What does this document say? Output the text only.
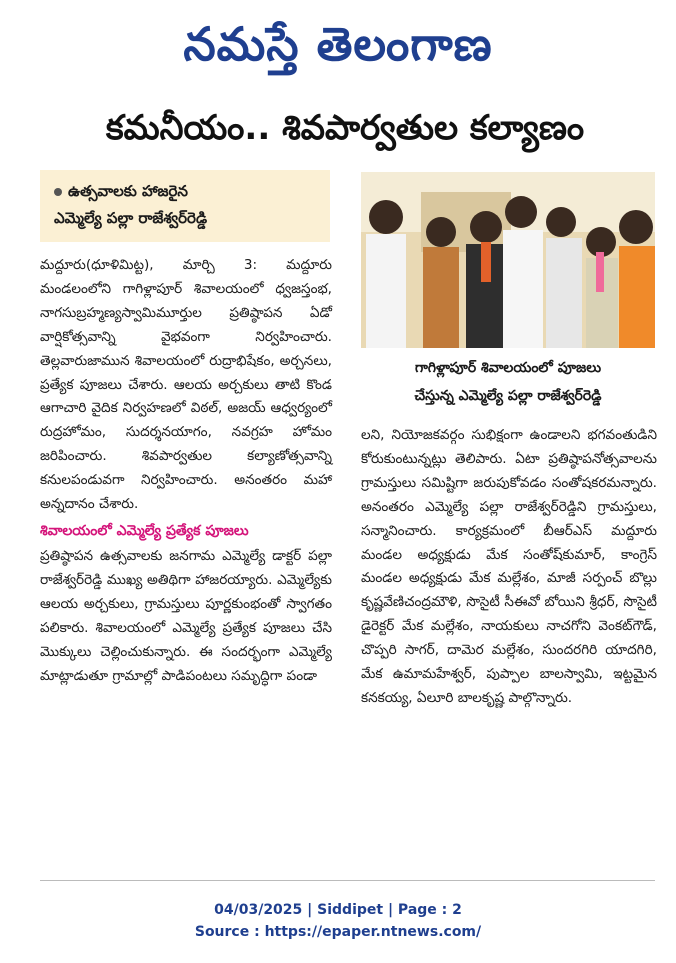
నమస్తే తెలంగాణ
కమనీయం.. శివపార్వతుల కల్యాణం
ఉత్సవాలకు హాజరైన
ఎమ్మెల్యే పల్లా రాజేశ్వర్‌రెడ్డి

మద్దూరు(ధూళిమిట్ట), మార్చి 3: మద్దూరు మండలంలోని గాగిళ్లాపూర్ శివాలయంలో ధ్వజస్తంభ, నాగసుబ్రహ్మణ్యస్వామిమూర్తుల ప్రతిష్ఠాపన ఏడో వార్షికోత్సవాన్ని వైభవంగా నిర్వహించారు. తెల్లవారుజామున శివాలయంలో రుద్రాభిషేకం, అర్చనలు, ప్రత్యేక పూజలు చేశారు. ఆలయ అర్చకులు తాటి కొండ ఆగాచారి వైదిక నిర్వహణలో విఠల్, అజయ్ ఆధ్వర్యంలో రుద్రహోమం, సుదర్శనయాగం, నవగ్రహ హోమం జరిపించారు. శివపార్వతుల కల్యాణోత్సవాన్ని కనులపండువగా నిర్వహించారు. అనంతరం మహా అన్నదానం చేశారు.

శివాలయంలో ఎమ్మెల్యే ప్రత్యేక పూజలు

ప్రతిష్ఠాపన ఉత్సవాలకు జనగామ ఎమ్మెల్యే డాక్టర్ పల్లా రాజేశ్వర్‌రెడ్డి ముఖ్య అతిథిగా హాజరయ్యారు. ఎమ్మెల్యేకు ఆలయ అర్చకులు, గ్రామస్తులు పూర్ణకుంభంతో స్వాగతం పలికారు. శివాలయంలో ఎమ్మెల్యే ప్రత్యేక పూజలు చేసి మొక్కులు చెల్లించుకున్నారు. ఈ సందర్భంగా ఎమ్మెల్యే మాట్లాడుతూ గ్రామాల్లో పాడిపంటలు సమృద్ధిగా పండా

గాగిళ్లాపూర్ శివాలయంలో పూజలు
చేస్తున్న ఎమ్మెల్యే పల్లా రాజేశ్వర్‌రెడ్డి

లని, నియోజకవర్గం సుభిక్షంగా ఉండాలని భగవంతుడిని కోరుకుంటున్నట్లు తెలిపారు. ఏటా ప్రతిష్ఠాపనోత్సవాలను గ్రామస్తులు సమిష్టిగా జరుపుకోవడం సంతోషకరమన్నారు. అనంతరం ఎమ్మెల్యే పల్లా రాజేశ్వర్‌రెడ్డిని గ్రామస్తులు, సన్మానించారు. కార్యక్రమంలో బీఆర్‌ఎస్ మద్దూరు మండల అధ్యక్షుడు మేక సంతోష్‌కుమార్, కాంగ్రెస్ మండల అధ్యక్షుడు మేక మల్లేశం, మాజీ సర్పంచ్ బొల్లు కృష్ణవేణిచంద్రమౌళి, సొసైటీ సీఈవో బోయిని శ్రీధర్, సొసైటీ డైరెక్టర్ మేక మల్లేశం, నాయకులు నాచగోని వెంకట్‌గౌడ్, చొప్పరి సాగర్, దామెర మల్లేశం, సుందరగిరి యాదగిరి, మేక ఉమామహేశ్వర్, పుప్పాల బాలస్వామి, ఇట్టమైన కనకయ్య, ఏలూరి బాలకృష్ణ పాల్గొన్నారు.

04/03/2025 | Siddipet | Page : 2
Source : https://epaper.ntnews.com/
